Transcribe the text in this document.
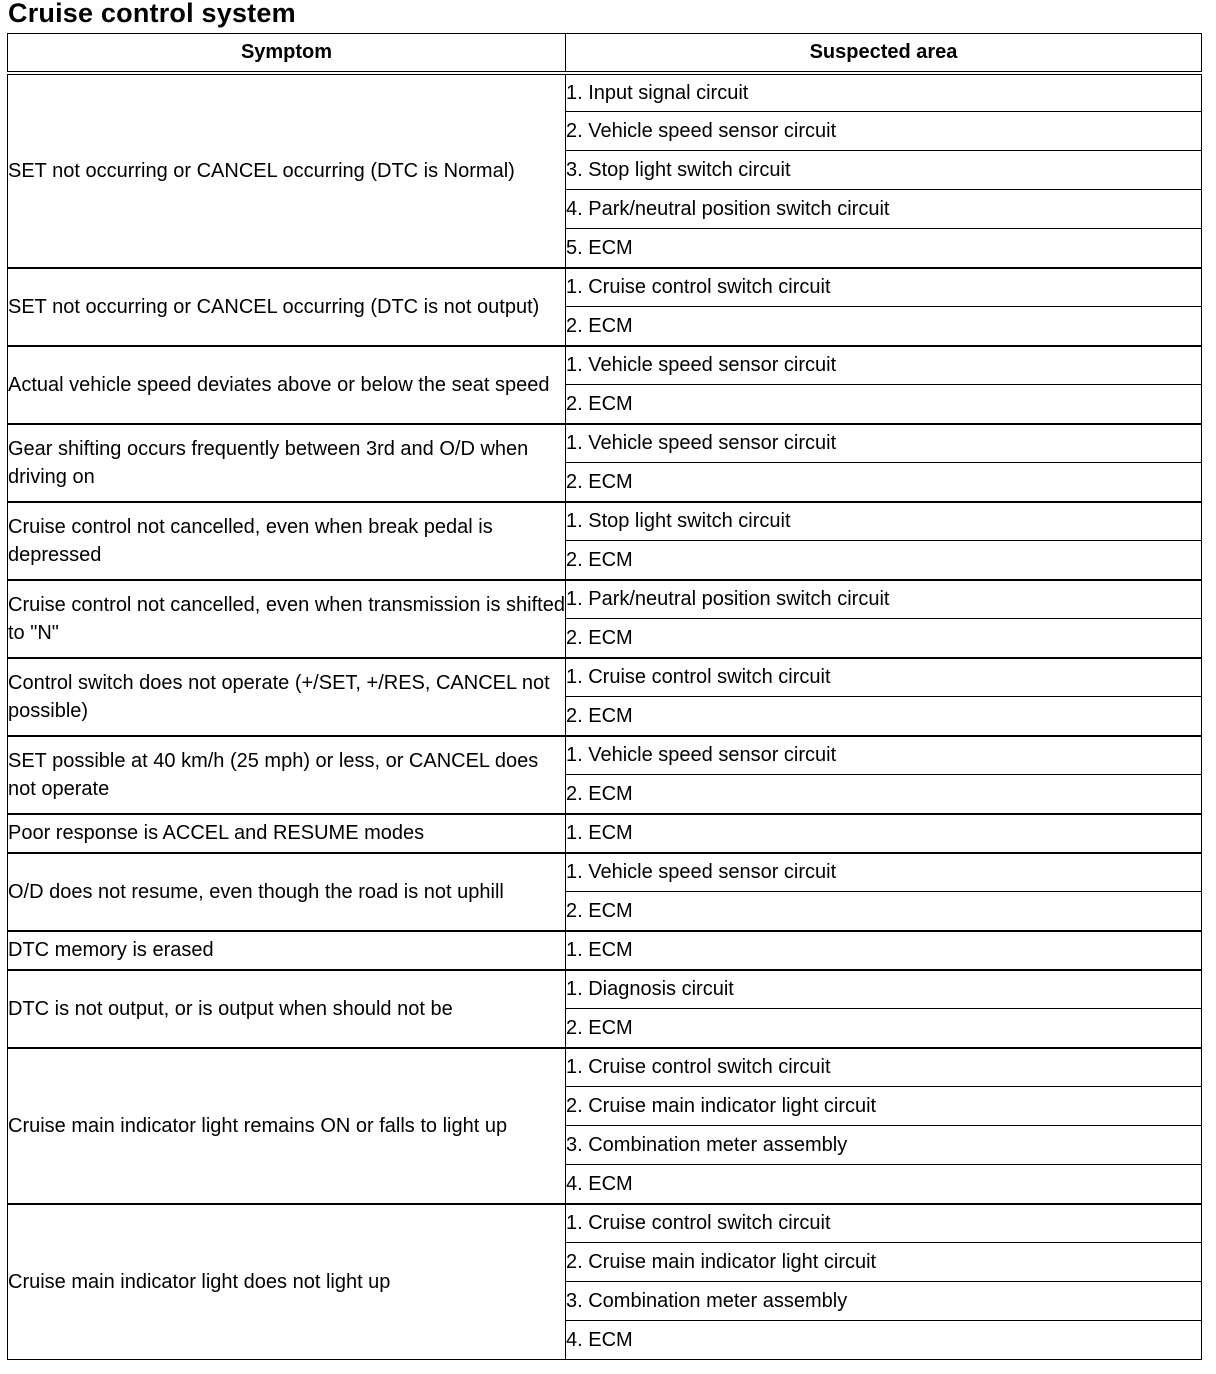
Cruise control system
Symptom	Suspected area
SET not occurring or CANCEL occurring (DTC is Normal)	1. Input signal circuit
	2. Vehicle speed sensor circuit
	3. Stop light switch circuit
	4. Park/neutral position switch circuit
	5. ECM
SET not occurring or CANCEL occurring (DTC is not output)	1. Cruise control switch circuit
	2. ECM
Actual vehicle speed deviates above or below the seat speed	1. Vehicle speed sensor circuit
	2. ECM
Gear shifting occurs frequently between 3rd and O/D when driving on	1. Vehicle speed sensor circuit
	2. ECM
Cruise control not cancelled, even when break pedal is depressed	1. Stop light switch circuit
	2. ECM
Cruise control not cancelled, even when transmission is shifted to "N"	1. Park/neutral position switch circuit
	2. ECM
Control switch does not operate (+/SET, +/RES, CANCEL not possible)	1. Cruise control switch circuit
	2. ECM
SET possible at 40 km/h (25 mph) or less, or CANCEL does not operate	1. Vehicle speed sensor circuit
	2. ECM
Poor response is ACCEL and RESUME modes	1. ECM
O/D does not resume, even though the road is not uphill	1. Vehicle speed sensor circuit
	2. ECM
DTC memory is erased	1. ECM
DTC is not output, or is output when should not be	1. Diagnosis circuit
	2. ECM
Cruise main indicator light remains ON or falls to light up	1. Cruise control switch circuit
	2. Cruise main indicator light circuit
	3. Combination meter assembly
	4. ECM
Cruise main indicator light does not light up	1. Cruise control switch circuit
	2. Cruise main indicator light circuit
	3. Combination meter assembly
	4. ECM
